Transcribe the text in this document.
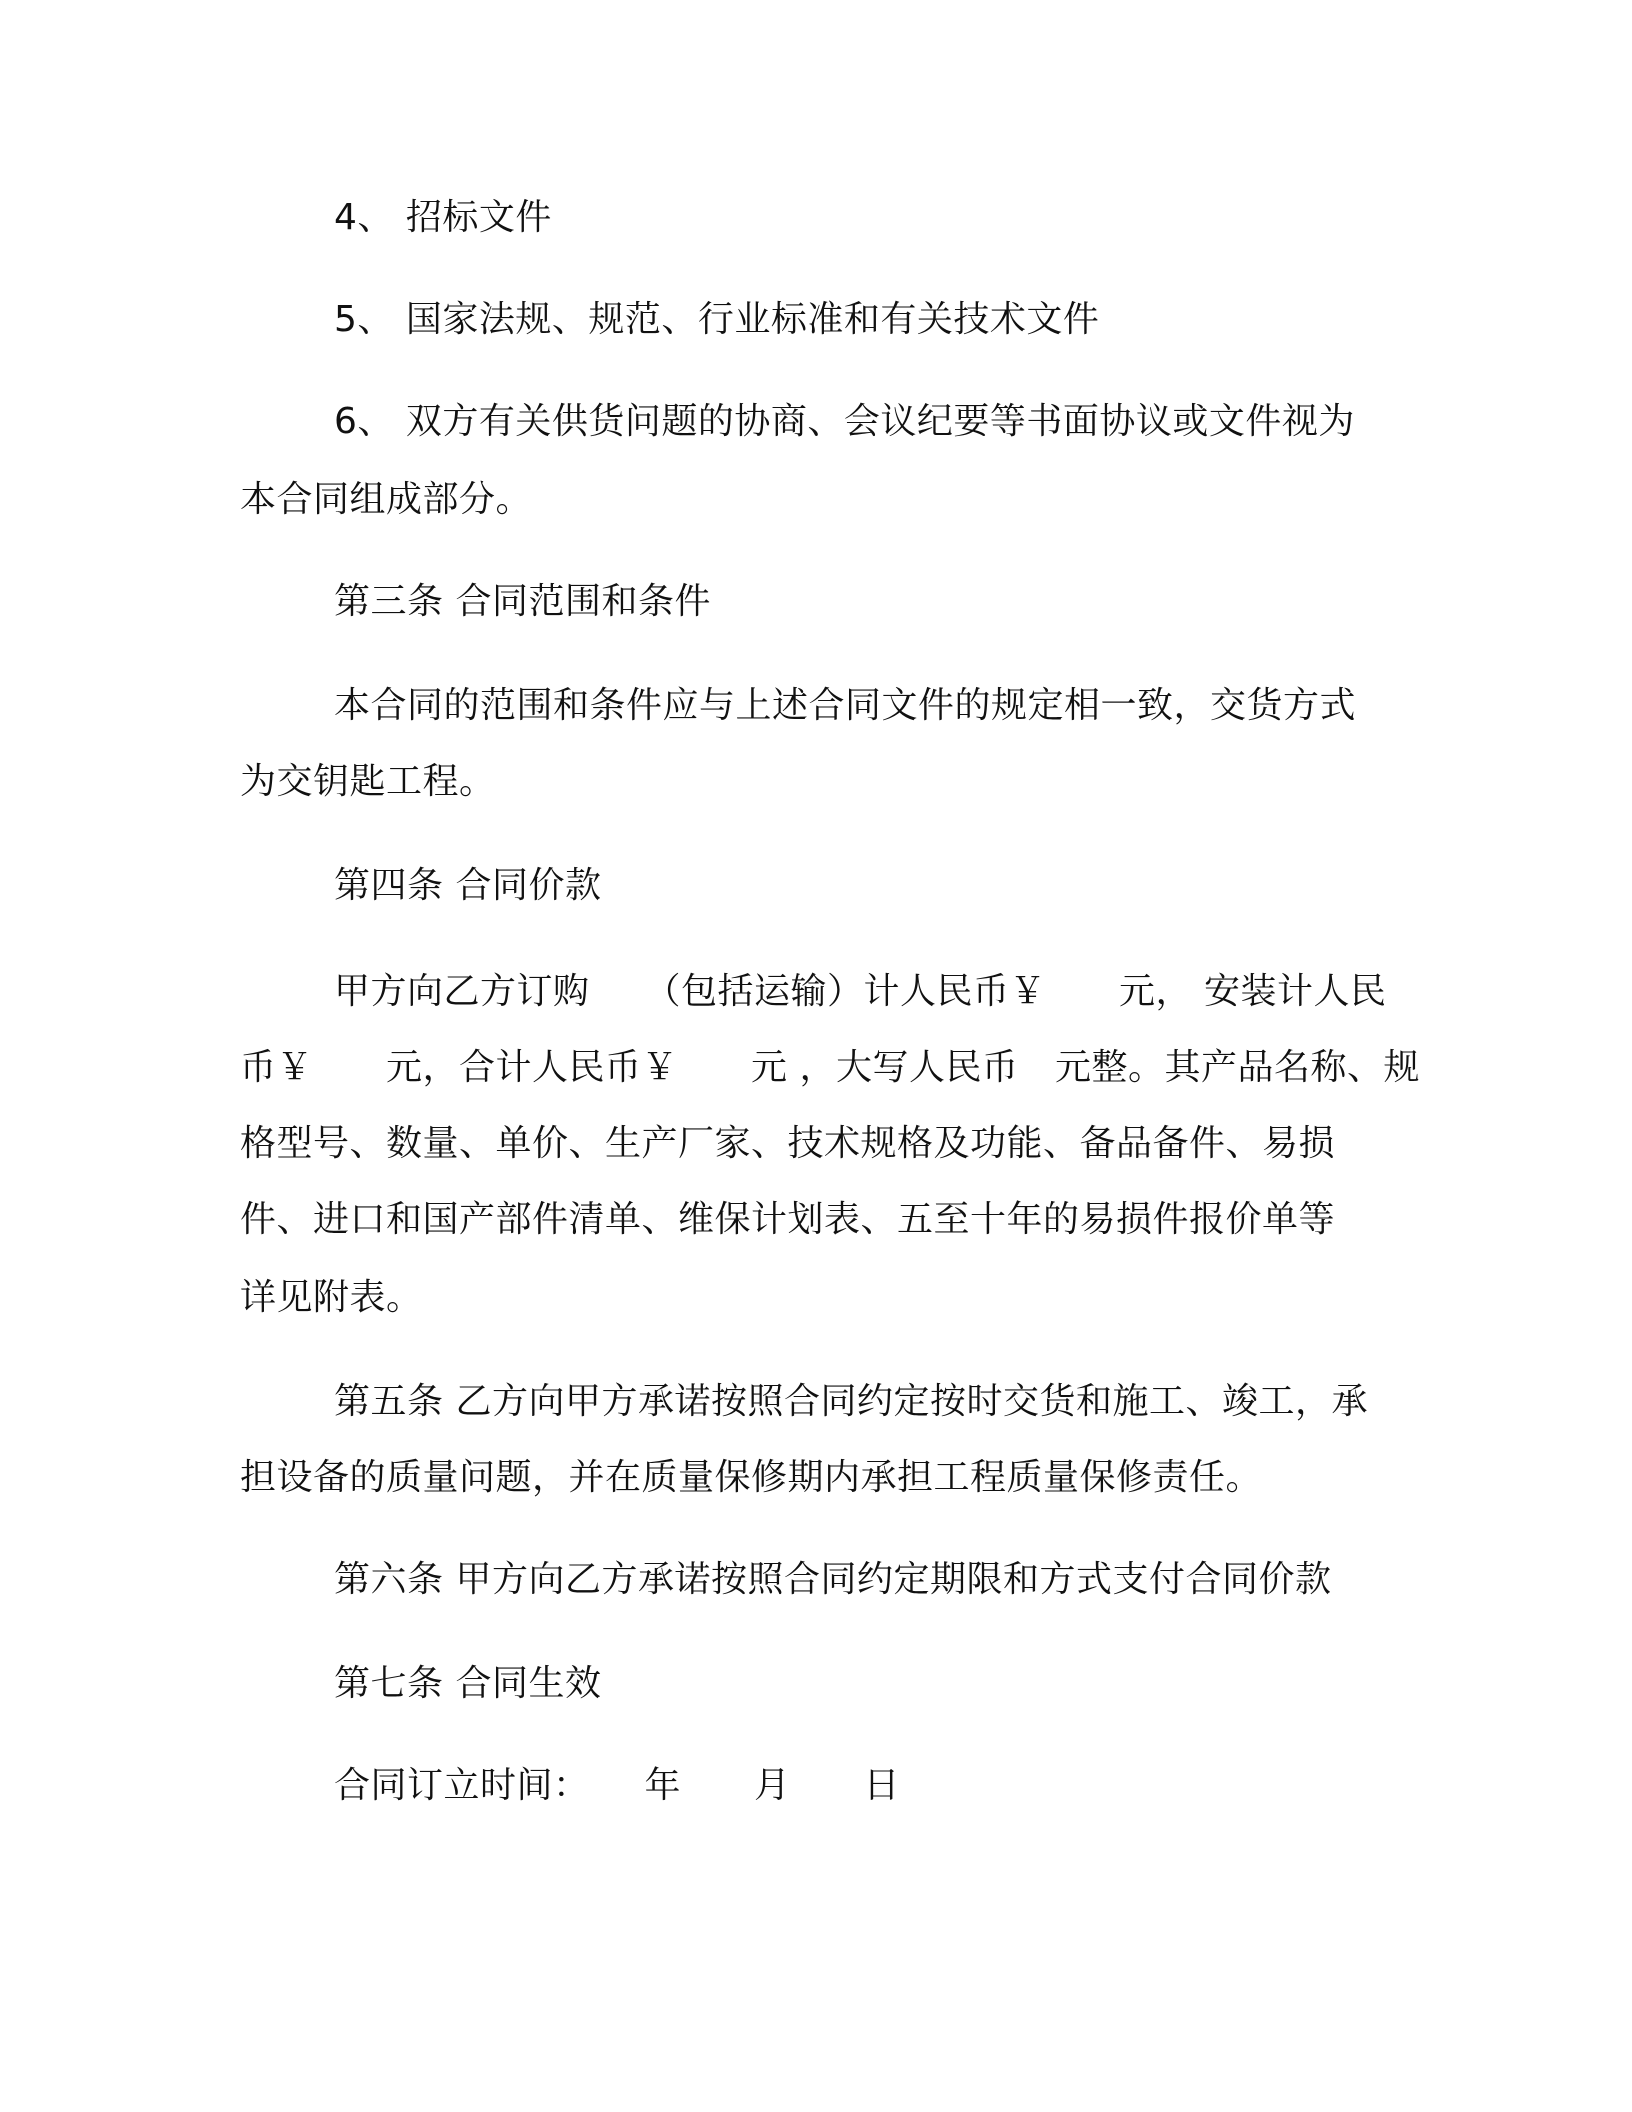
4、 招标文件
5、 国家法规、规范、行业标准和有关技术文件
6、 双方有关供货问题的协商、会议纪要等书面协议或文件视为
本合同组成部分。
第三条 合同范围和条件
本合同的范围和条件应与上述合同文件的规定相一致，交货方式
为交钥匙工程。
第四条 合同价款
甲方向乙方订购　　（包括运输）计人民币￥　　元， 安装计人民
币￥　　元，合计人民币￥　　元 ，大写人民币　元整。其产品名称、规
格型号、数量、单价、生产厂家、技术规格及功能、备品备件、易损
件、进口和国产部件清单、维保计划表、五至十年的易损件报价单等
详见附表。
第五条 乙方向甲方承诺按照合同约定按时交货和施工、竣工，承
担设备的质量问题，并在质量保修期内承担工程质量保修责任。
第六条 甲方向乙方承诺按照合同约定期限和方式支付合同价款
第七条 合同生效
合同订立时间：　　年　　月　　日
